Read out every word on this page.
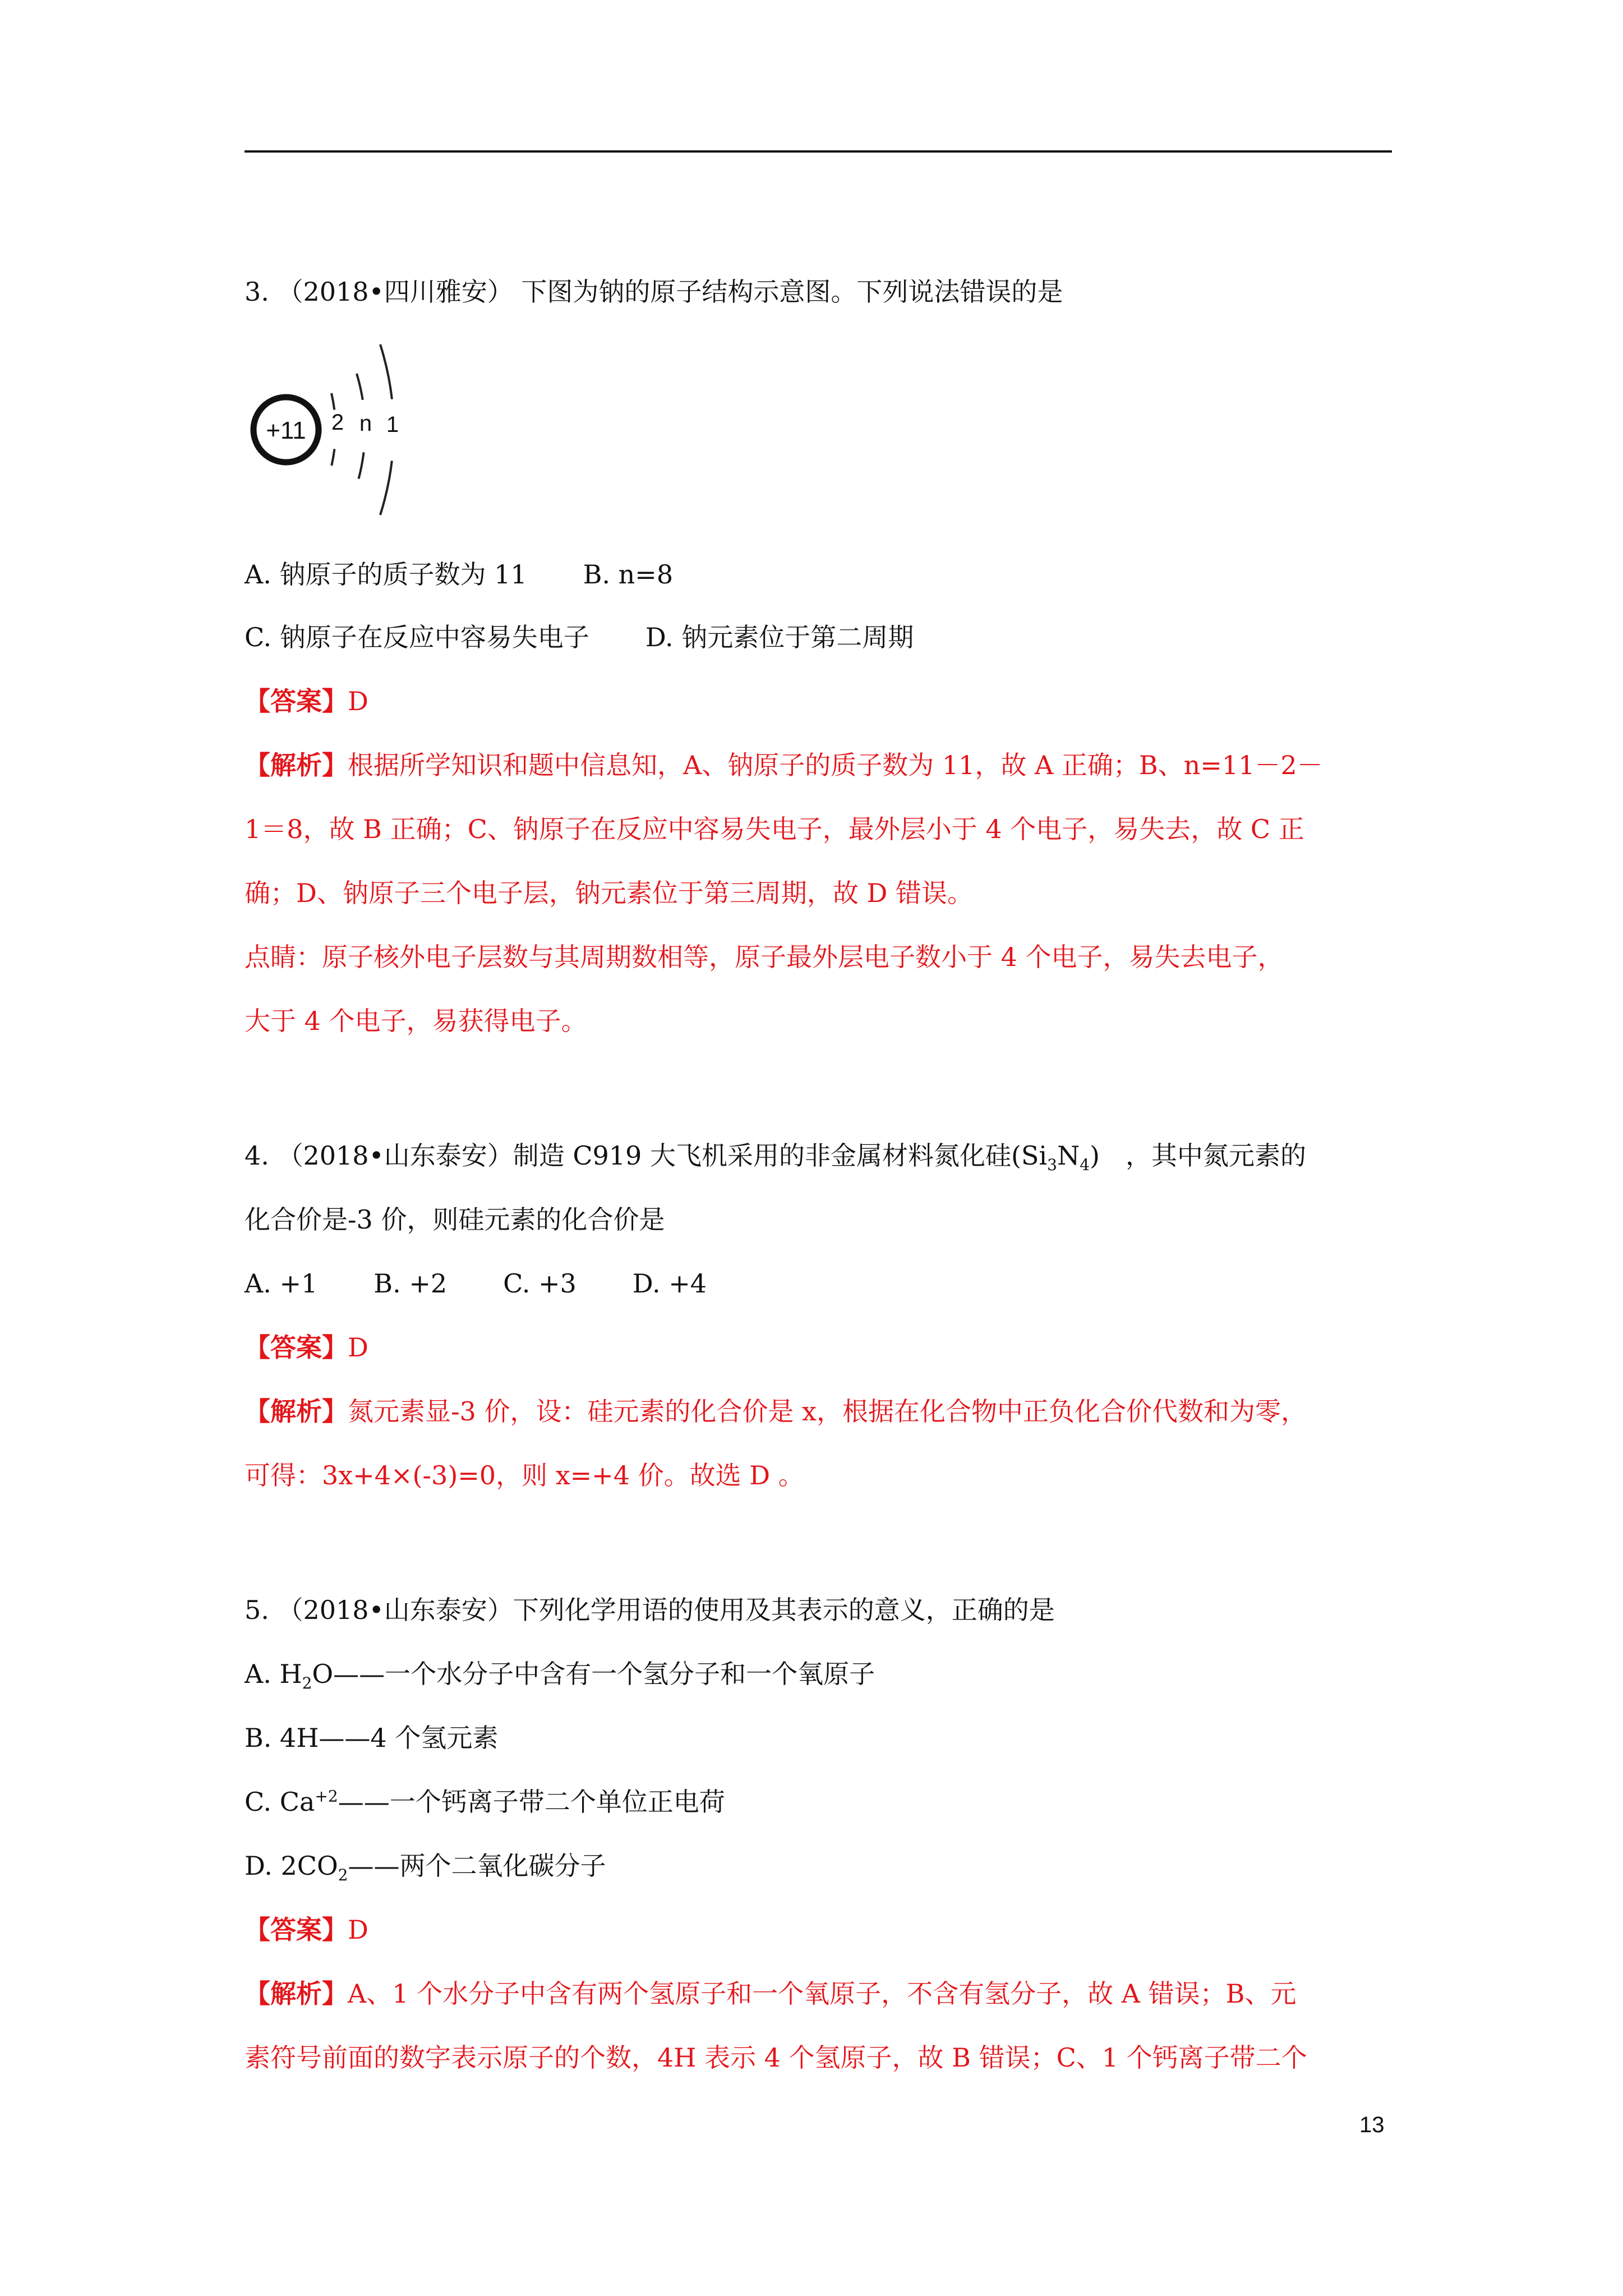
3. （2018•四川雅安） 下图为钠的原子结构示意图。下列说法错误的是
+11 2 n 1
A. 钠原子的质子数为 11 B. n=8
C. 钠原子在反应中容易失电子 D. 钠元素位于第二周期
【答案】D
【解析】根据所学知识和题中信息知，A、钠原子的质子数为 11，故 A 正确；B、n=11－2－
1＝8，故 B 正确；C、钠原子在反应中容易失电子，最外层小于 4 个电子，易失去，故 C 正
确；D、钠原子三个电子层，钠元素位于第三周期，故 D 错误。
点睛：原子核外电子层数与其周期数相等，原子最外层电子数小于 4 个电子，易失去电子，
大于 4 个电子，易获得电子。
4. （2018•山东泰安）制造 C919 大飞机采用的非金属材料氮化硅$(Si_3N_4)$　，其中氮元素的
化合价是-3 价，则硅元素的化合价是
A. +1 B. +2 C. +3 D. +4
【答案】D
【解析】氮元素显-3 价，设：硅元素的化合价是 x，根据在化合物中正负化合价代数和为零，
可得：3x+4×(-3)=0，则 x=+4 价。故选 D 。
5. （2018•山东泰安）下列化学用语的使用及其表示的意义，正确的是
A. $H_2O——$一个水分子中含有一个氢分子和一个氧原子
B. 4H——4 个氢元素
C. $Ca^{+2}——$一个钙离子带二个单位正电荷
D. $2CO_2——$两个二氧化碳分子
【答案】D
【解析】A、1 个水分子中含有两个氢原子和一个氧原子，不含有氢分子，故 A 错误；B、元
素符号前面的数字表示原子的个数，4H 表示 4 个氢原子，故 B 错误；C、1 个钙离子带二个
13
